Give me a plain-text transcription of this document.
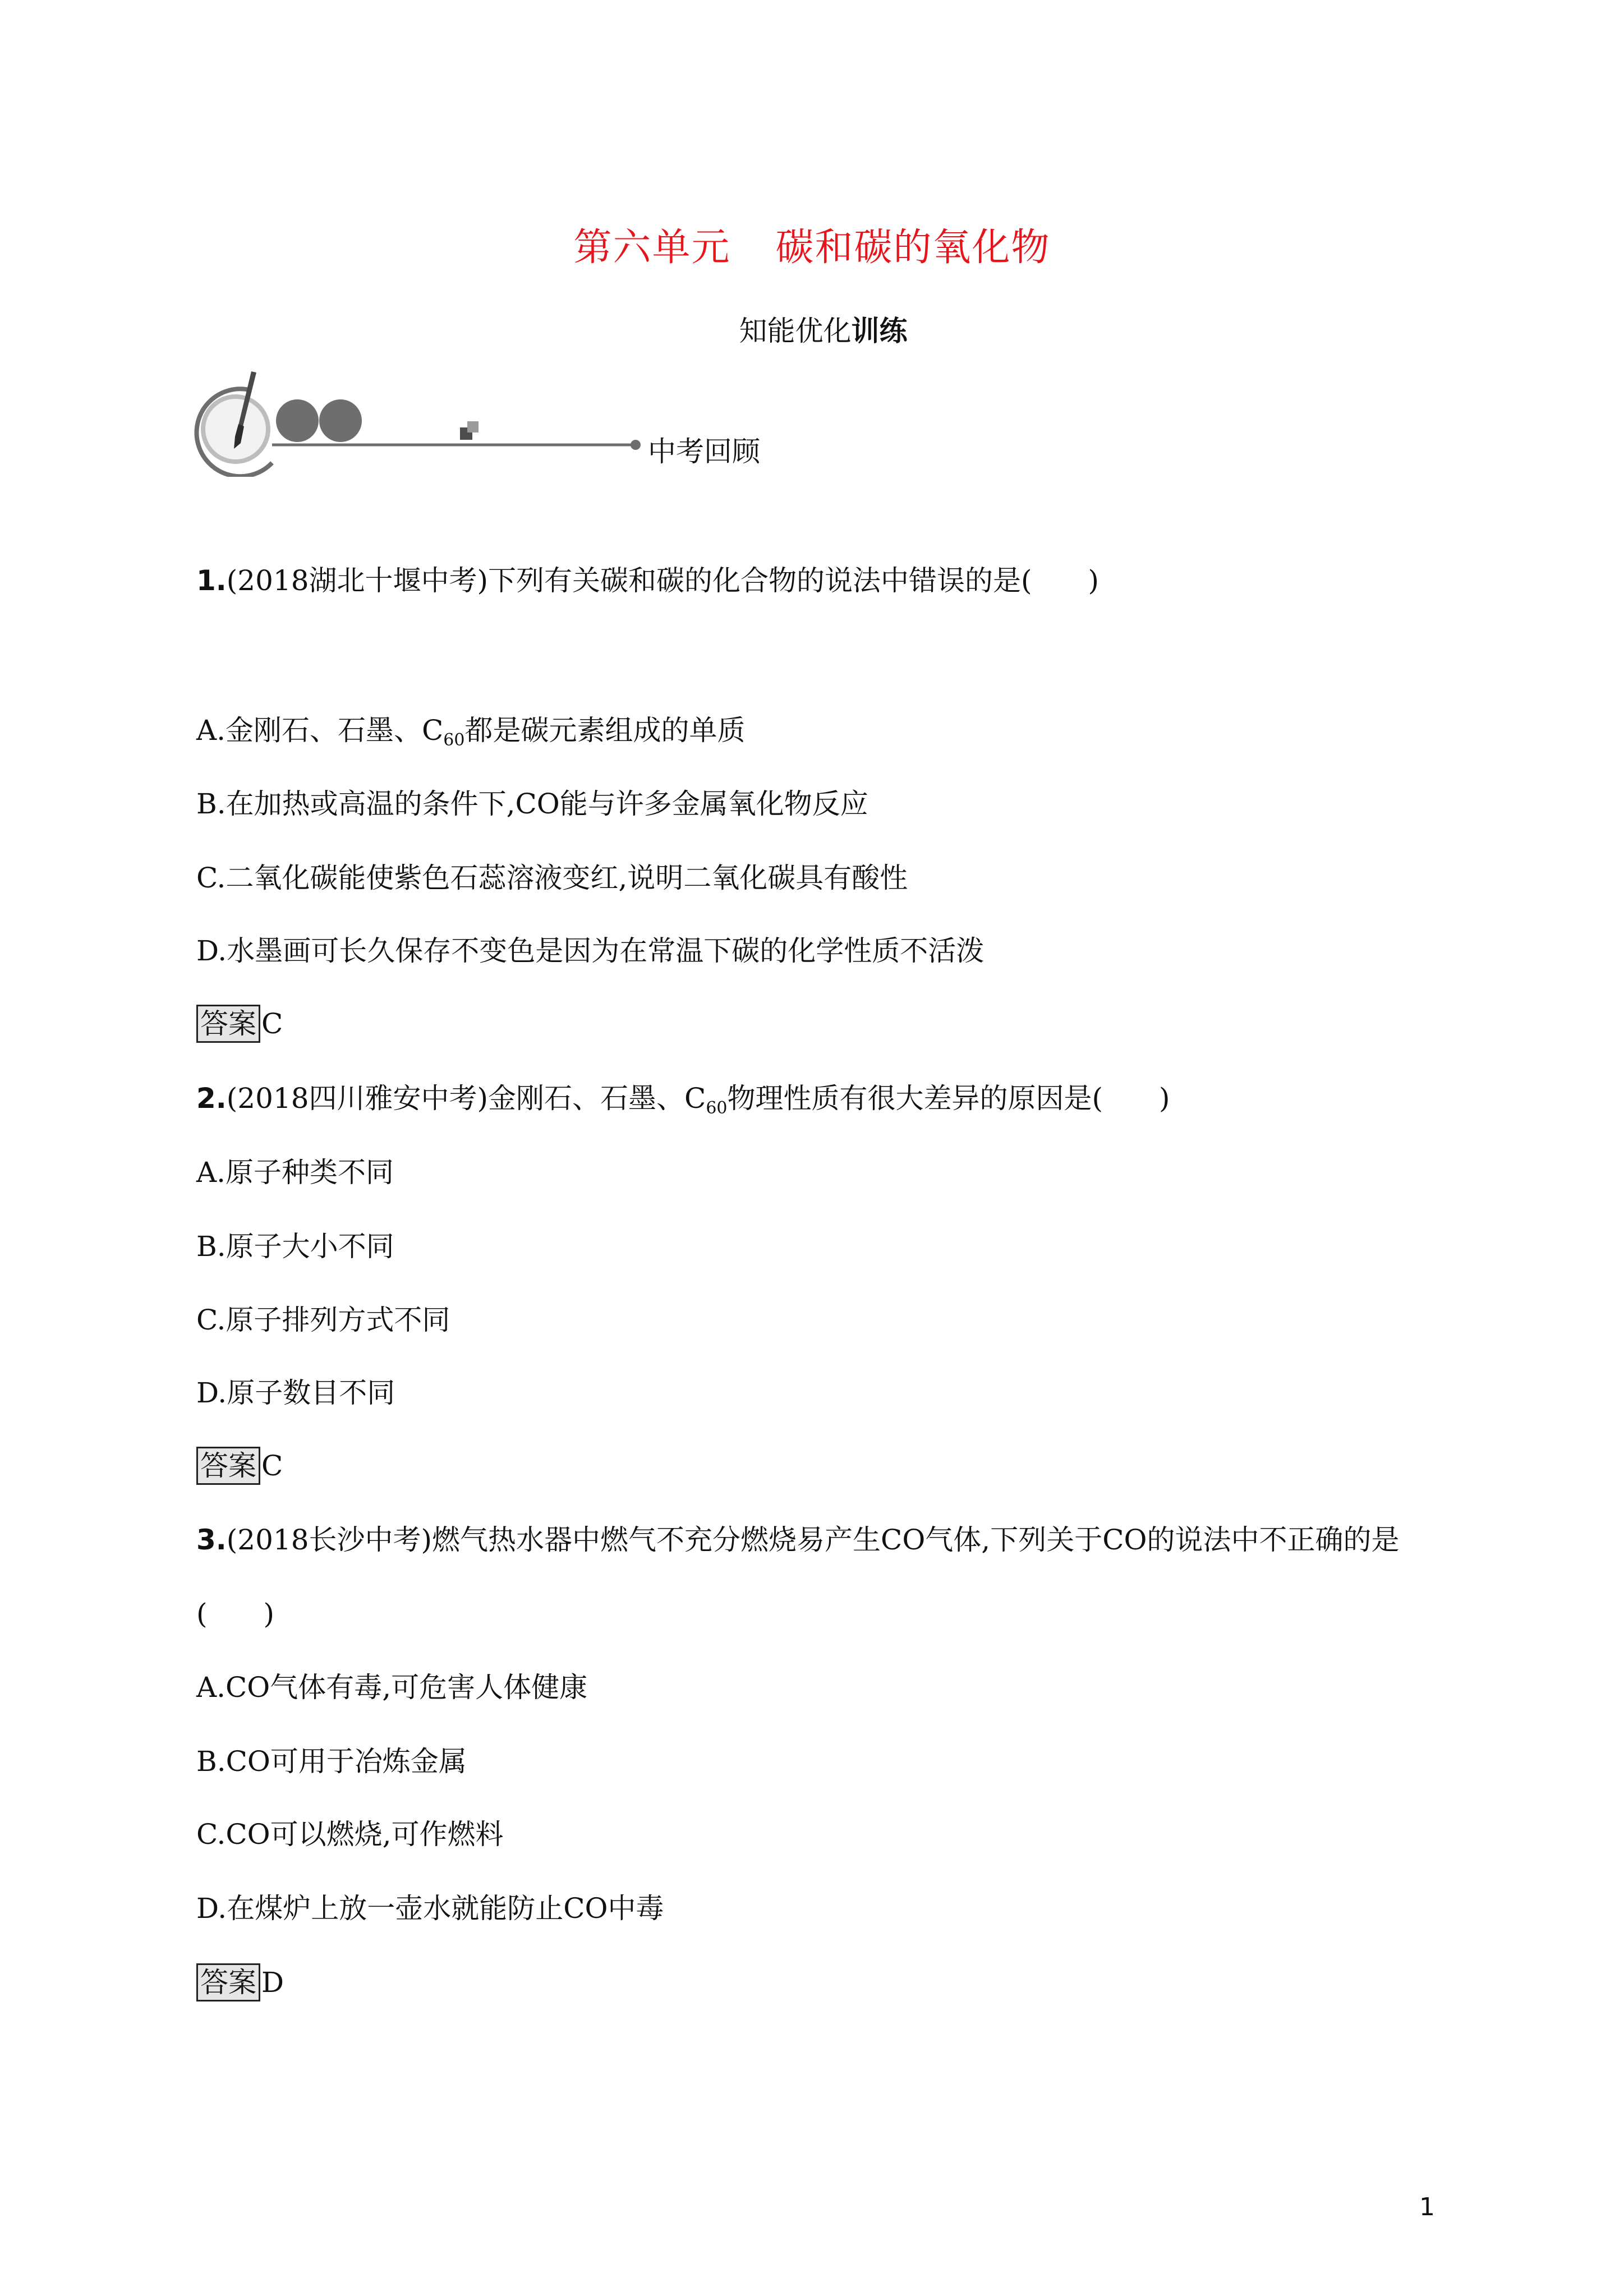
第六单元 碳和碳的氧化物
知能优化训练
中考回顾
1.(2018湖北十堰中考)下列有关碳和碳的化合物的说法中错误的是(　　)
A.金刚石、石墨、$C_{60}$都是碳元素组成的单质
B.在加热或高温的条件下,CO能与许多金属氧化物反应
C.二氧化碳能使紫色石蕊溶液变红,说明二氧化碳具有酸性
D.水墨画可长久保存不变色是因为在常温下碳的化学性质不活泼
答案 C
2.(2018四川雅安中考)金刚石、石墨、$C_{60}$物理性质有很大差异的原因是(　　)
A.原子种类不同
B.原子大小不同
C.原子排列方式不同
D.原子数目不同
答案 C
3.(2018长沙中考)燃气热水器中燃气不充分燃烧易产生CO气体,下列关于CO的说法中不正确的是
(　　)
A.CO气体有毒,可危害人体健康
B.CO可用于冶炼金属
C.CO可以燃烧,可作燃料
D.在煤炉上放一壶水就能防止CO中毒
答案 D
1
